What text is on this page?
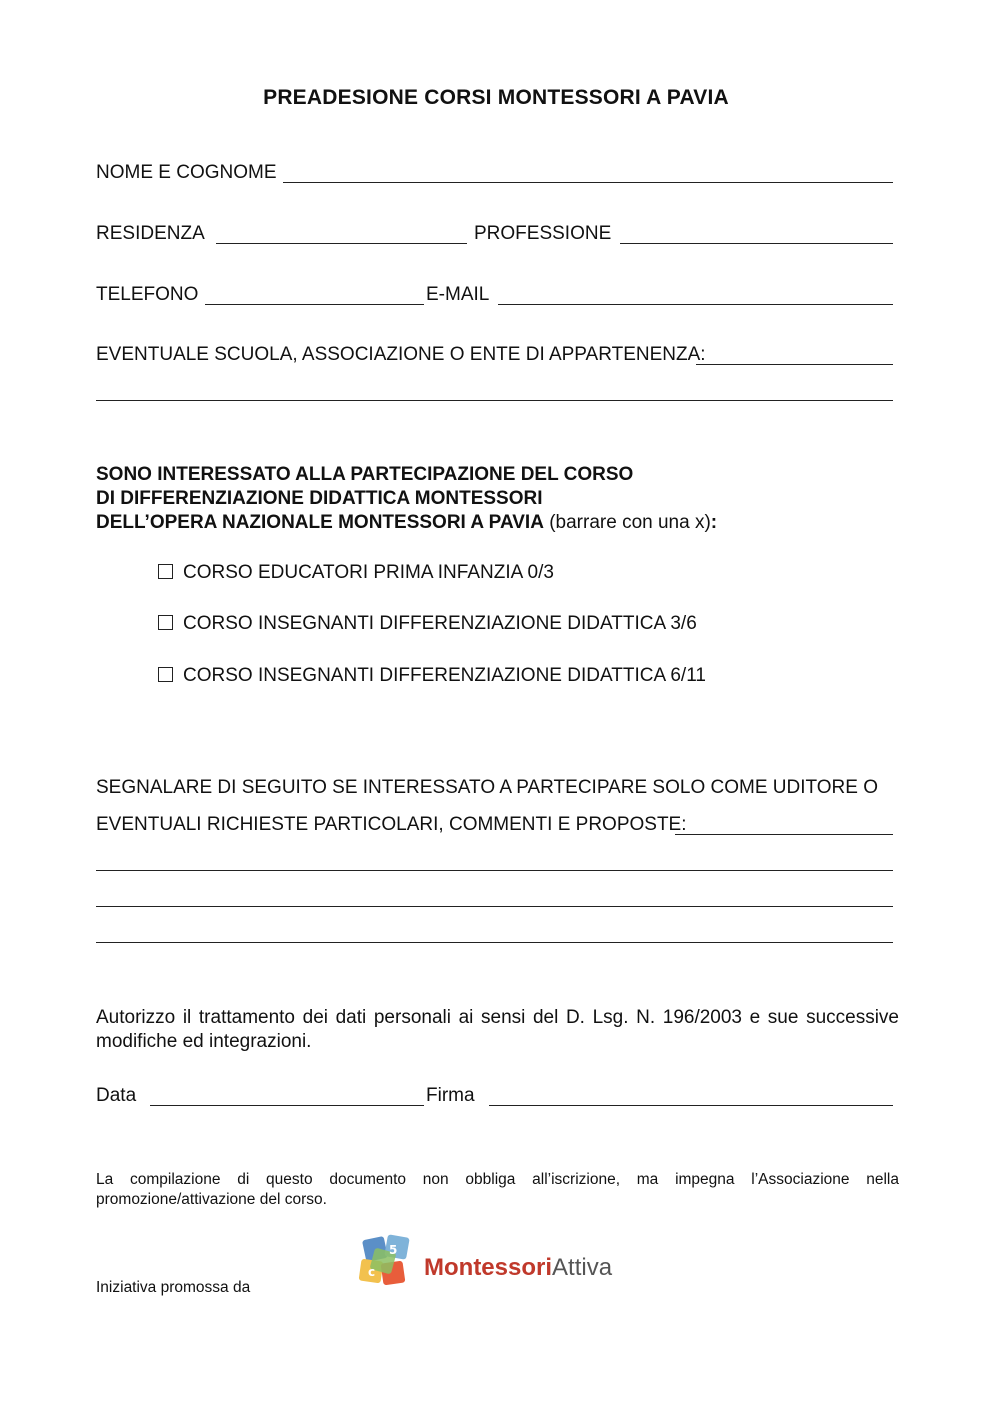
PREADESIONE CORSI MONTESSORI A PAVIA
NOME E COGNOME
RESIDENZA	PROFESSIONE
TELEFONO	E-MAIL
EVENTUALE SCUOLA, ASSOCIAZIONE O ENTE DI APPARTENENZA:
SONO INTERESSATO ALLA PARTECIPAZIONE DEL CORSO
DI DIFFERENZIAZIONE DIDATTICA MONTESSORI
DELL’OPERA NAZIONALE MONTESSORI A PAVIA (barrare con una x):
CORSO EDUCATORI PRIMA INFANZIA 0/3
CORSO INSEGNANTI DIFFERENZIAZIONE DIDATTICA 3/6
CORSO INSEGNANTI DIFFERENZIAZIONE DIDATTICA 6/11
SEGNALARE DI SEGUITO SE INTERESSATO A PARTECIPARE SOLO COME UDITORE O
EVENTUALI RICHIESTE PARTICOLARI, COMMENTI E PROPOSTE:
Autorizzo il trattamento dei dati personali ai sensi del D. Lsg. N. 196/2003 e sue successive modifiche ed integrazioni.
Data	Firma
La compilazione di questo documento non obbliga all’iscrizione, ma impegna l’Associazione nella promozione/attivazione del corso.
Iniziativa promossa da
5
c MontessoriAttiva
